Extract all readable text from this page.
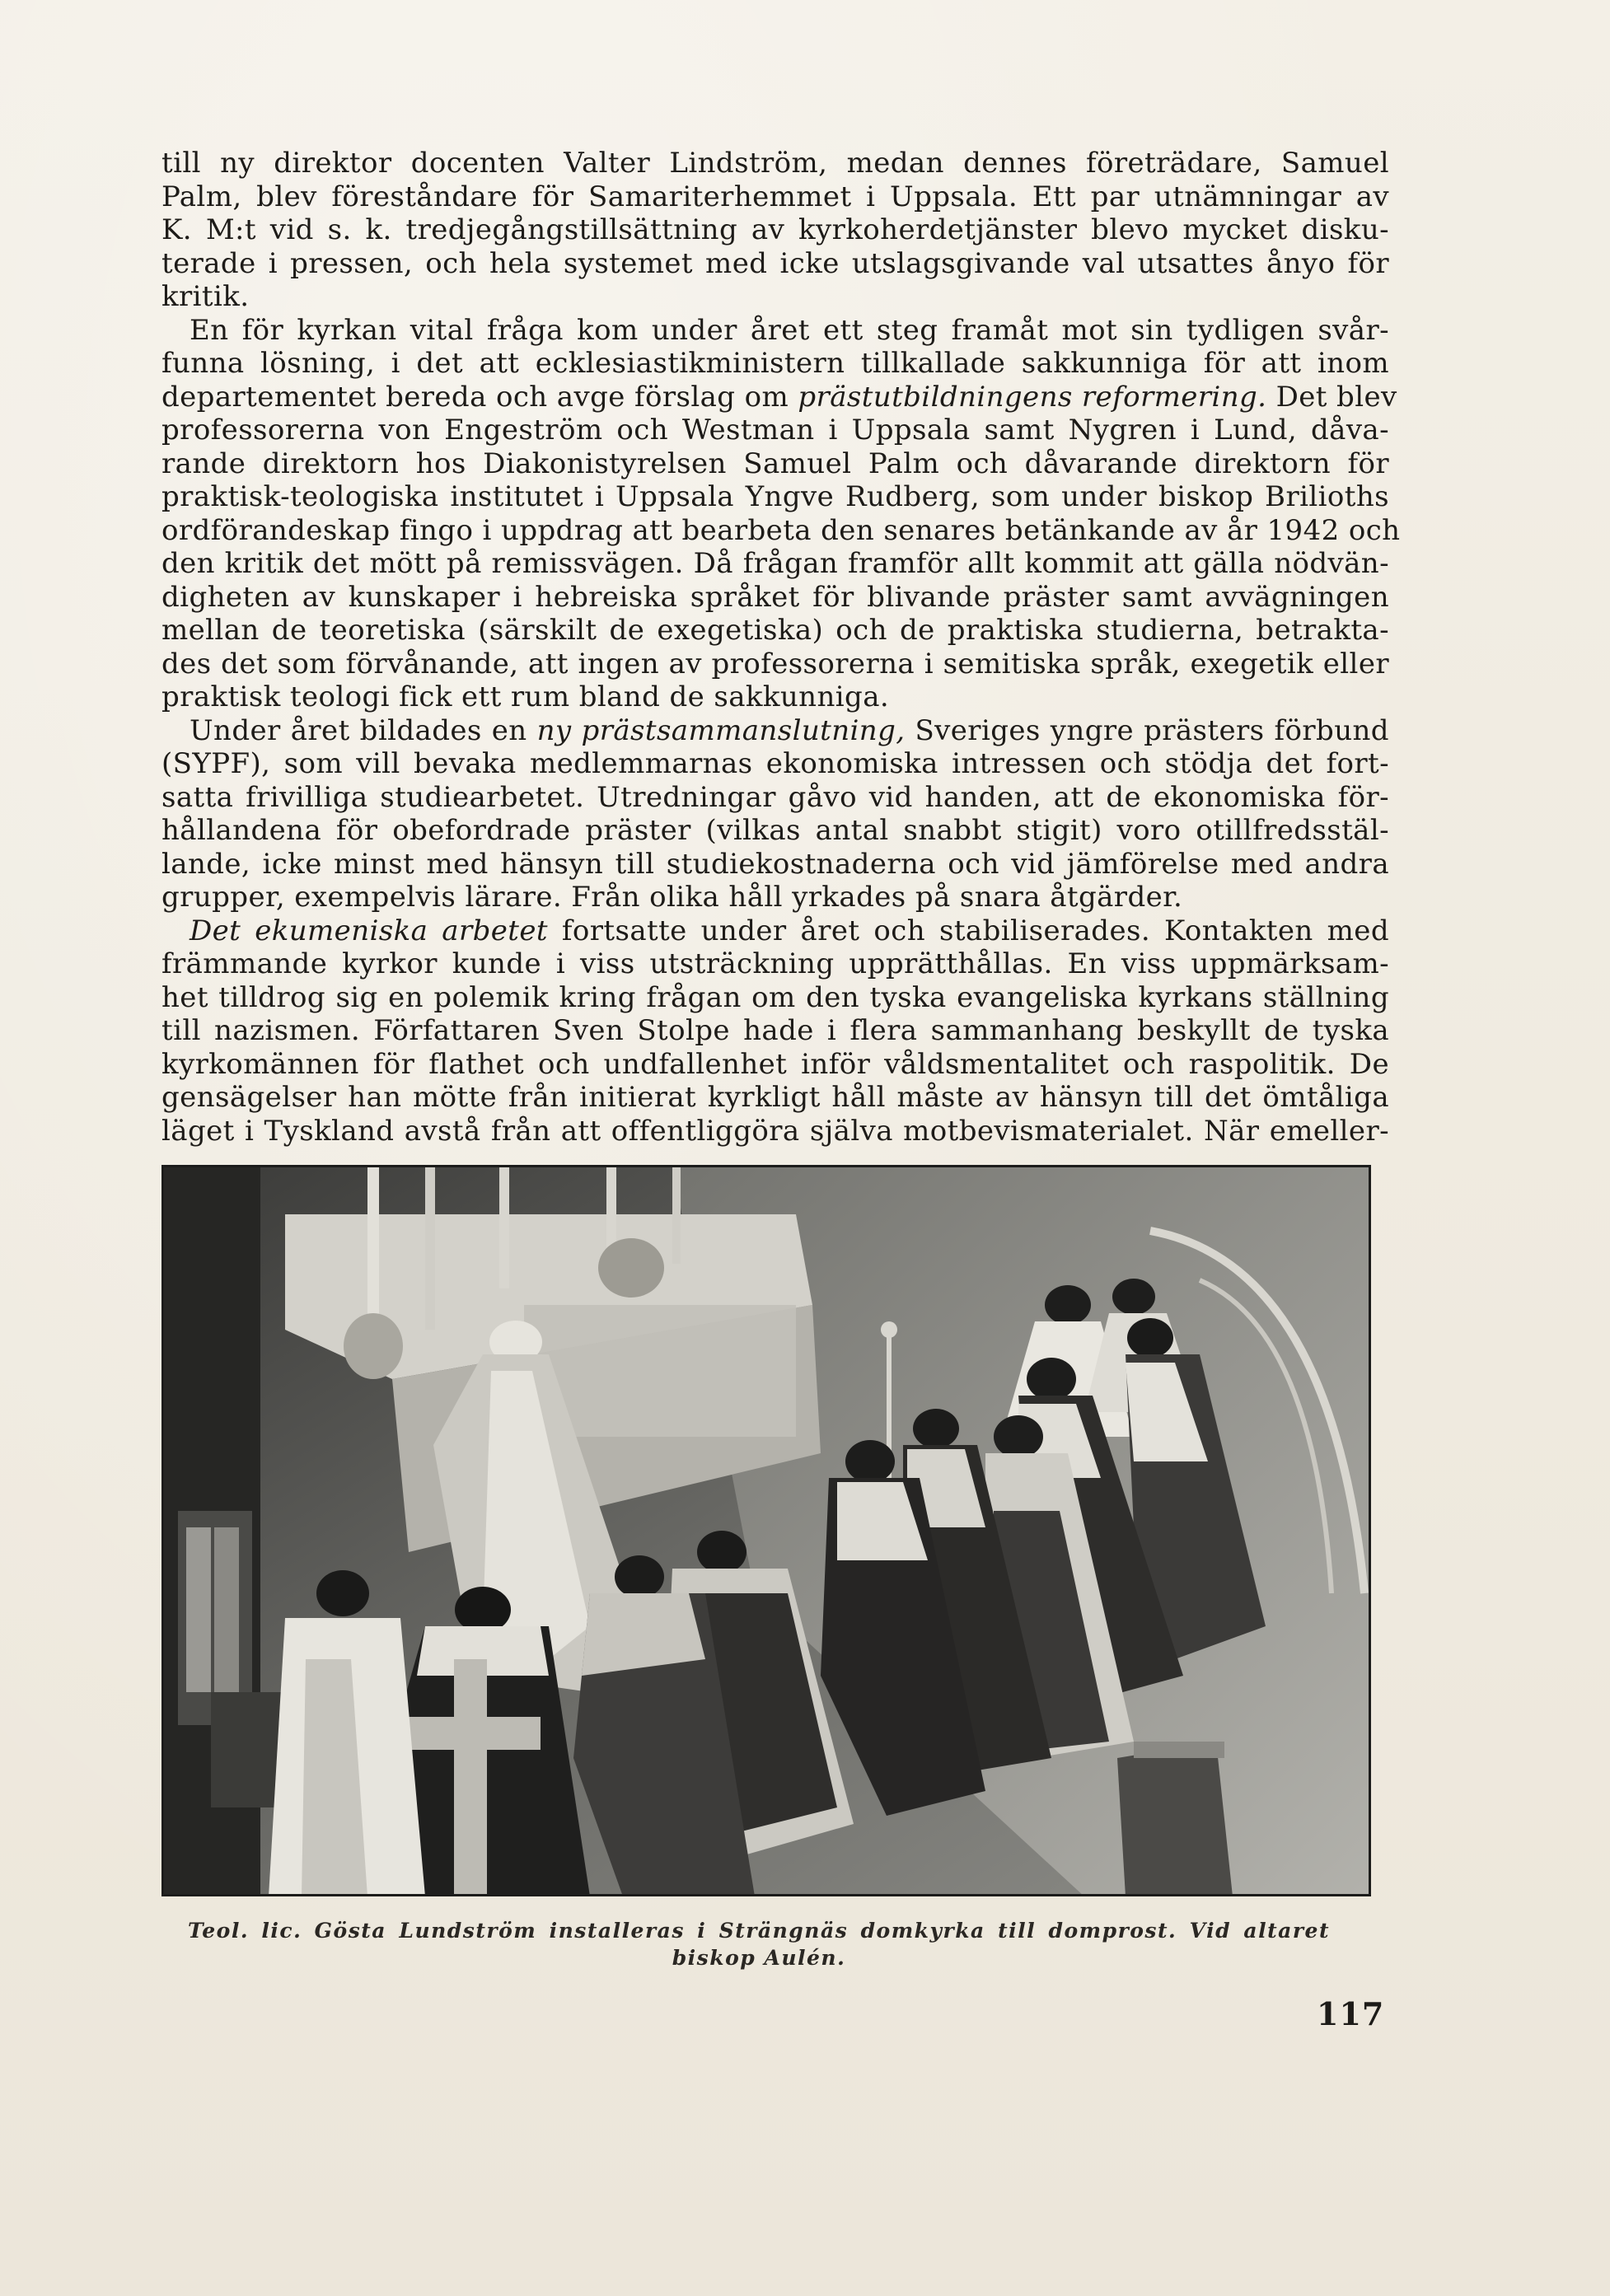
till ny direktor docenten Valter Lindström, medan dennes företrädare, Samuel
Palm, blev föreståndare för Samariterhemmet i Uppsala. Ett par utnämningar av
K. M:t vid s. k. tredjegångstillsättning av kyrkoherdetjänster blevo mycket disku-
terade i pressen, och hela systemet med icke utslagsgivande val utsattes ånyo för
kritik.
En för kyrkan vital fråga kom under året ett steg framåt mot sin tydligen svår-
funna lösning, i det att ecklesiastikministern tillkallade sakkunniga för att inom
departementet bereda och avge förslag om prästutbildningens reformering. Det blev
professorerna von Engeström och Westman i Uppsala samt Nygren i Lund, dåva-
rande direktorn hos Diakonistyrelsen Samuel Palm och dåvarande direktorn för
praktisk-teologiska institutet i Uppsala Yngve Rudberg, som under biskop Brilioths
ordförandeskap fingo i uppdrag att bearbeta den senares betänkande av år 1942 och
den kritik det mött på remissvägen. Då frågan framför allt kommit att gälla nödvän-
digheten av kunskaper i hebreiska språket för blivande präster samt avvägningen
mellan de teoretiska (särskilt de exegetiska) och de praktiska studierna, betrakta-
des det som förvånande, att ingen av professorerna i semitiska språk, exegetik eller
praktisk teologi fick ett rum bland de sakkunniga.
Under året bildades en ny prästsammanslutning, Sveriges yngre prästers förbund
(SYPF), som vill bevaka medlemmarnas ekonomiska intressen och stödja det fort-
satta frivilliga studiearbetet. Utredningar gåvo vid handen, att de ekonomiska för-
hållandena för obefordrade präster (vilkas antal snabbt stigit) voro otillfredsstäl-
lande, icke minst med hänsyn till studiekostnaderna och vid jämförelse med andra
grupper, exempelvis lärare. Från olika håll yrkades på snara åtgärder.
Det ekumeniska arbetet fortsatte under året och stabiliserades. Kontakten med
främmande kyrkor kunde i viss utsträckning upprätthållas. En viss uppmärksam-
het tilldrog sig en polemik kring frågan om den tyska evangeliska kyrkans ställning
till nazismen. Författaren Sven Stolpe hade i flera sammanhang beskyllt de tyska
kyrkomännen för flathet och undfallenhet inför våldsmentalitet och raspolitik. De
gensägelser han mötte från initierat kyrkligt håll måste av hänsyn till det ömtåliga
läget i Tyskland avstå från att offentliggöra själva motbevismaterialet. När emeller-
Teol. lic. Gösta Lundström installeras i Strängnäs domkyrka till domprost. Vid altaret
biskop Aulén.
117
